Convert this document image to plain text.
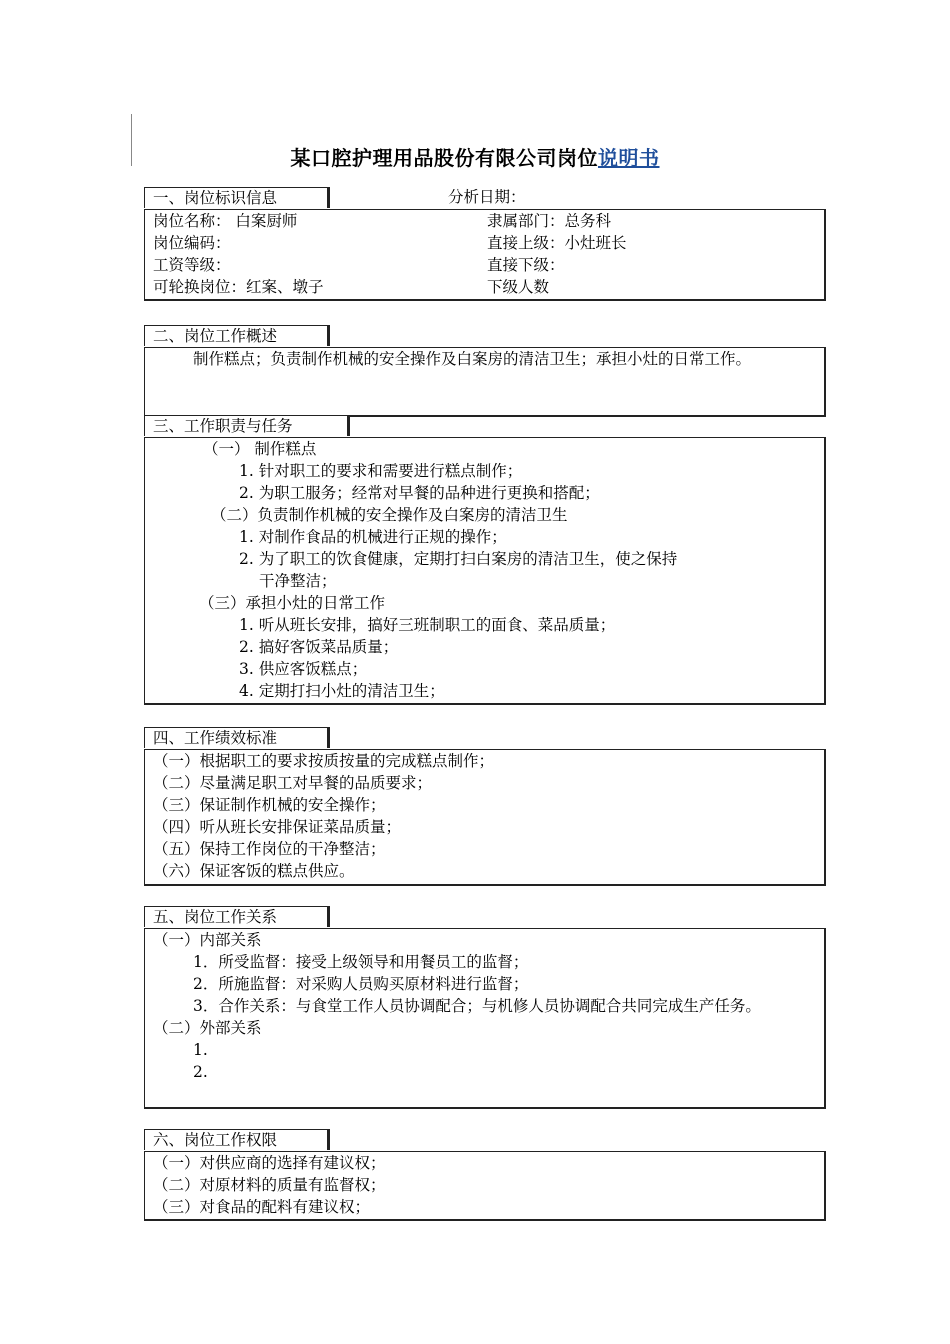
某口腔护理用品股份有限公司岗位说明书
一、岗位标识信息	分析日期：
岗位名称： 白案厨师	隶属部门：总务科
岗位编码：	直接上级：小灶班长
工资等级：	直接下级：
可轮换岗位：红案、墩子	下级人数
二、岗位工作概述
制作糕点；负责制作机械的安全操作及白案房的清洁卫生；承担小灶的日常工作。
三、工作职责与任务
（一） 制作糕点
1. 针对职工的要求和需要进行糕点制作；
2. 为职工服务；经常对早餐的品种进行更换和搭配；
（二）负责制作机械的安全操作及白案房的清洁卫生
1. 对制作食品的机械进行正规的操作；
2. 为了职工的饮食健康，定期打扫白案房的清洁卫生，使之保持
干净整洁；
（三）承担小灶的日常工作
1. 听从班长安排，搞好三班制职工的面食、菜品质量；
2. 搞好客饭菜品质量；
3. 供应客饭糕点；
4. 定期打扫小灶的清洁卫生；
四、工作绩效标准
（一）根据职工的要求按质按量的完成糕点制作；
（二）尽量满足职工对早餐的品质要求；
（三）保证制作机械的安全操作；
（四）听从班长安排保证菜品质量；
（五）保持工作岗位的干净整洁；
（六）保证客饭的糕点供应。
五、岗位工作关系
（一）内部关系
1．所受监督：接受上级领导和用餐员工的监督；
2．所施监督：对采购人员购买原材料进行监督；
3．合作关系：与食堂工作人员协调配合；与机修人员协调配合共同完成生产任务。
（二）外部关系
1.
2.
六、岗位工作权限
（一）对供应商的选择有建议权；
（二）对原材料的质量有监督权；
（三）对食品的配料有建议权；
